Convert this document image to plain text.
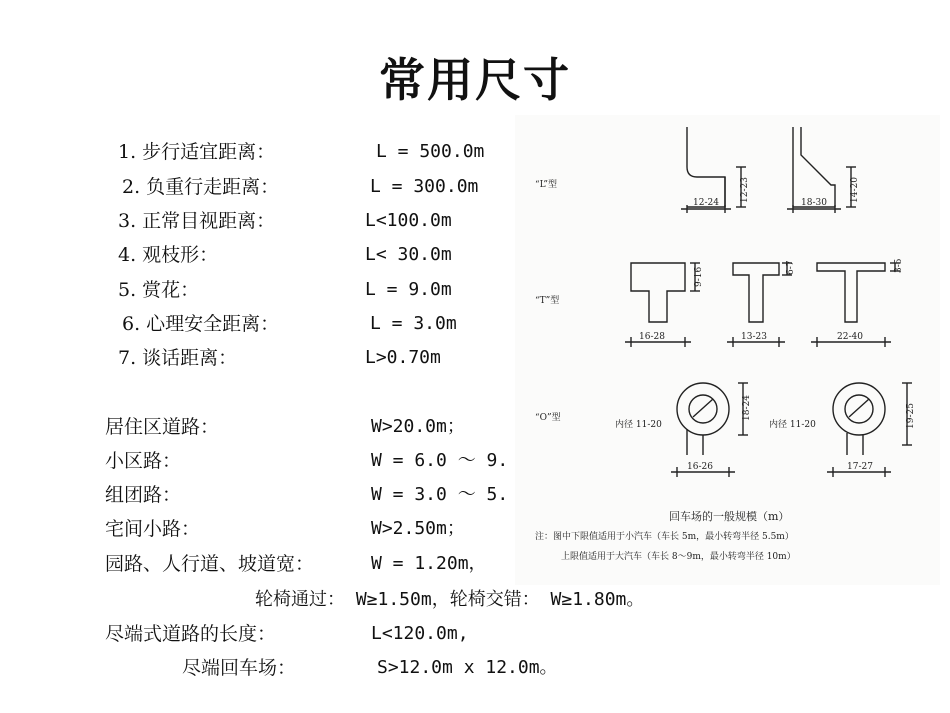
常用尺寸
1. 步行适宜距离：	L = 500.0m
2. 负重行走距离：	L = 300.0m
3. 正常目视距离：	L<100.0m
4. 观枝形：	L< 30.0m
5. 赏花：	L = 9.0m
6. 心理安全距离：	L = 3.0m
7. 谈话距离：	L>0.70m
居住区道路：	W>20.0m；
小区路：	W = 6.0 ～ 9.
组团路：	W = 3.0 ～ 5.
宅间小路：	W>2.50m；
园路、人行道、坡道宽：	W = 1.20m，
“L”型
“T”型
“O”型
12-23
12-24	14-20
18-30
9-16
16-28
6-7
13-23
3-5
22-40
内径 11-20
18-24
16-26
内径 11-20	19-25
17-27
回车场的一般规模（m）
注：图中下限值适用于小汽车（车长 5m，最小转弯半径 5.5m）
上限值适用于大汽车（车长 8～9m，最小转弯半径 10m）
轮椅通过： W≥1.50m，轮椅交错： W≥1.80m。
尽端式道路的长度：	L<120.0m,
尽端回车场：	S>12.0m x 12.0m。
